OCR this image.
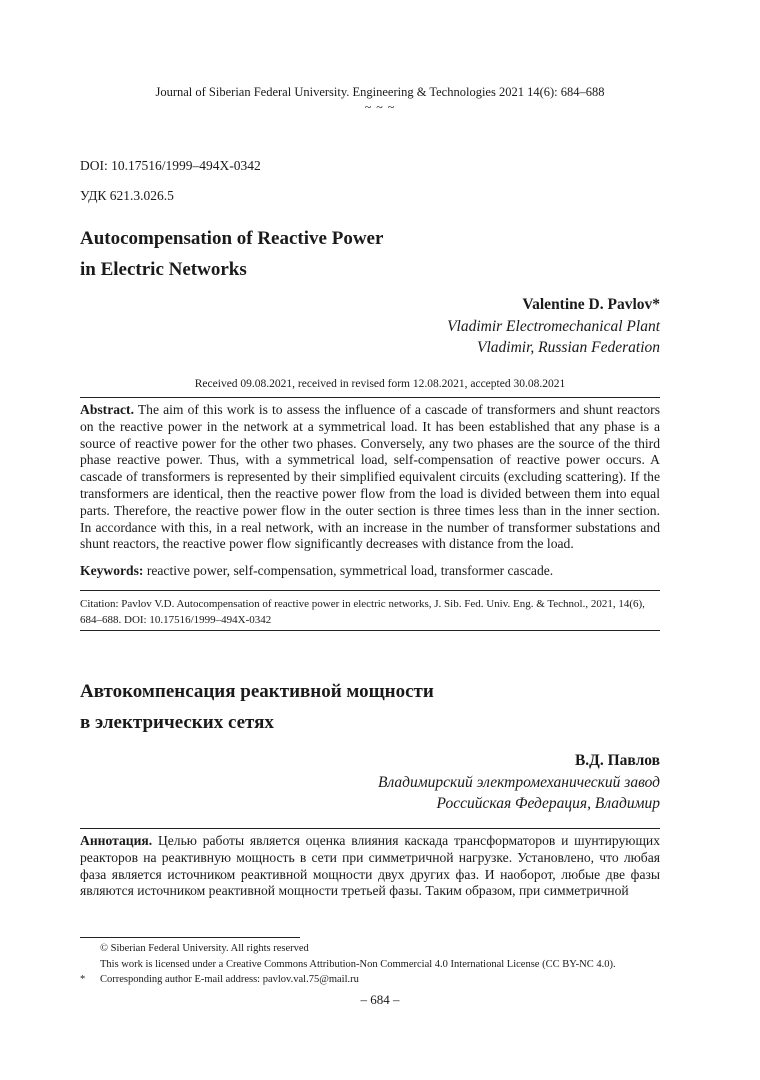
Journal of Siberian Federal University. Engineering & Technologies 2021 14(6): 684–688
~ ~ ~
DOI: 10.17516/1999–494X-0342
УДК 621.3.026.5
Autocompensation of Reactive Power
in Electric Networks
Valentine D. Pavlov*
Vladimir Electromechanical Plant
Vladimir, Russian Federation
Received 09.08.2021, received in revised form 12.08.2021, accepted 30.08.2021
Abstract. The aim of this work is to assess the influence of a cascade of transformers and shunt reactors on the reactive power in the network at a symmetrical load. It has been established that any phase is a source of reactive power for the other two phases. Conversely, any two phases are the source of the third phase reactive power. Thus, with a symmetrical load, self-compensation of reactive power occurs. A cascade of transformers is represented by their simplified equivalent circuits (excluding scattering). If the transformers are identical, then the reactive power flow from the load is divided between them into equal parts. Therefore, the reactive power flow in the outer section is three times less than in the inner section. In accordance with this, in a real network, with an increase in the number of transformer substations and shunt reactors, the reactive power flow significantly decreases with distance from the load.
Keywords: reactive power, self-compensation, symmetrical load, transformer cascade.
Citation: Pavlov V.D. Autocompensation of reactive power in electric networks, J. Sib. Fed. Univ. Eng. & Technol., 2021, 14(6), 684–688. DOI: 10.17516/1999–494X-0342
Автокомпенсация реактивной мощности
в электрических сетях
В.Д. Павлов
Владимирский электромеханический завод
Российская Федерация, Владимир
Аннотация. Целью работы является оценка влияния каскада трансформаторов и шунтирующих реакторов на реактивную мощность в сети при симметричной нагрузке. Установлено, что любая фаза является источником реактивной мощности двух других фаз. И наоборот, любые две фазы являются источником реактивной мощности третьей фазы. Таким образом, при симметричной
© Siberian Federal University. All rights reserved
This work is licensed under a Creative Commons Attribution-Non Commercial 4.0 International License (CC BY-NC 4.0).
* Corresponding author E-mail address: pavlov.val.75@mail.ru
– 684 –
